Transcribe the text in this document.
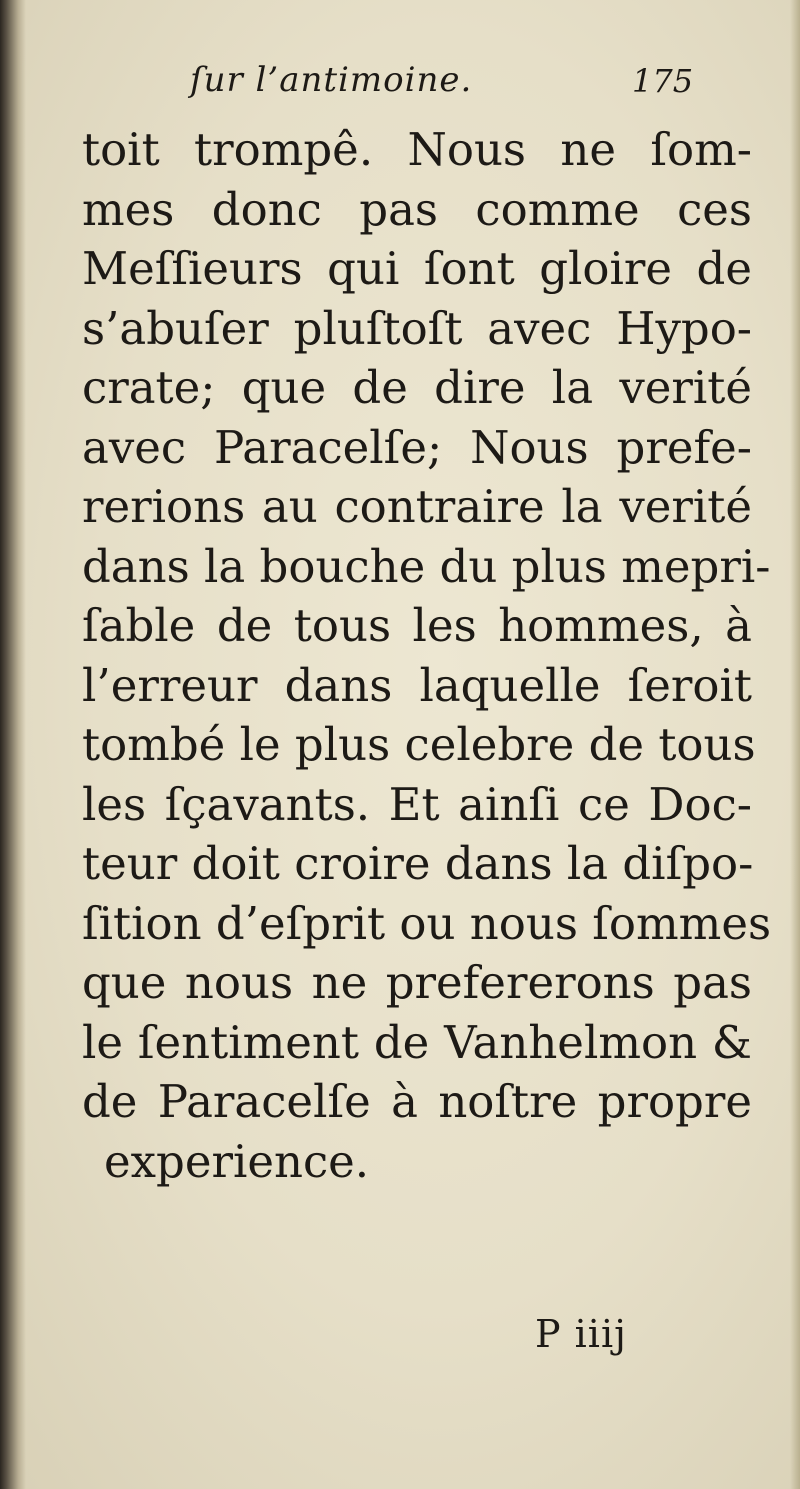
ſur l’antimoine.	175

toit trompê. Nous ne ſom-
mes donc pas comme ces
Meſſieurs qui ſont gloire de
s’abuſer pluſtoſt avec Hypo-
crate; que de dire la verité
avec Paracelſe; Nous prefe-
rerions au contraire la verité
dans la bouche du plus mepri-
ſable de tous les hommes, à
l’erreur dans laquelle ſeroit
tombé le plus celebre de tous
les ſçavants. Et ainſi ce Doc-
teur doit croire dans la diſpo-
ſition d’eſprit ou nous ſommes
que nous ne prefererons pas
le ſentiment de Vanhelmon &
de Paracelſe à noſtre propre
experience.

P iiij
